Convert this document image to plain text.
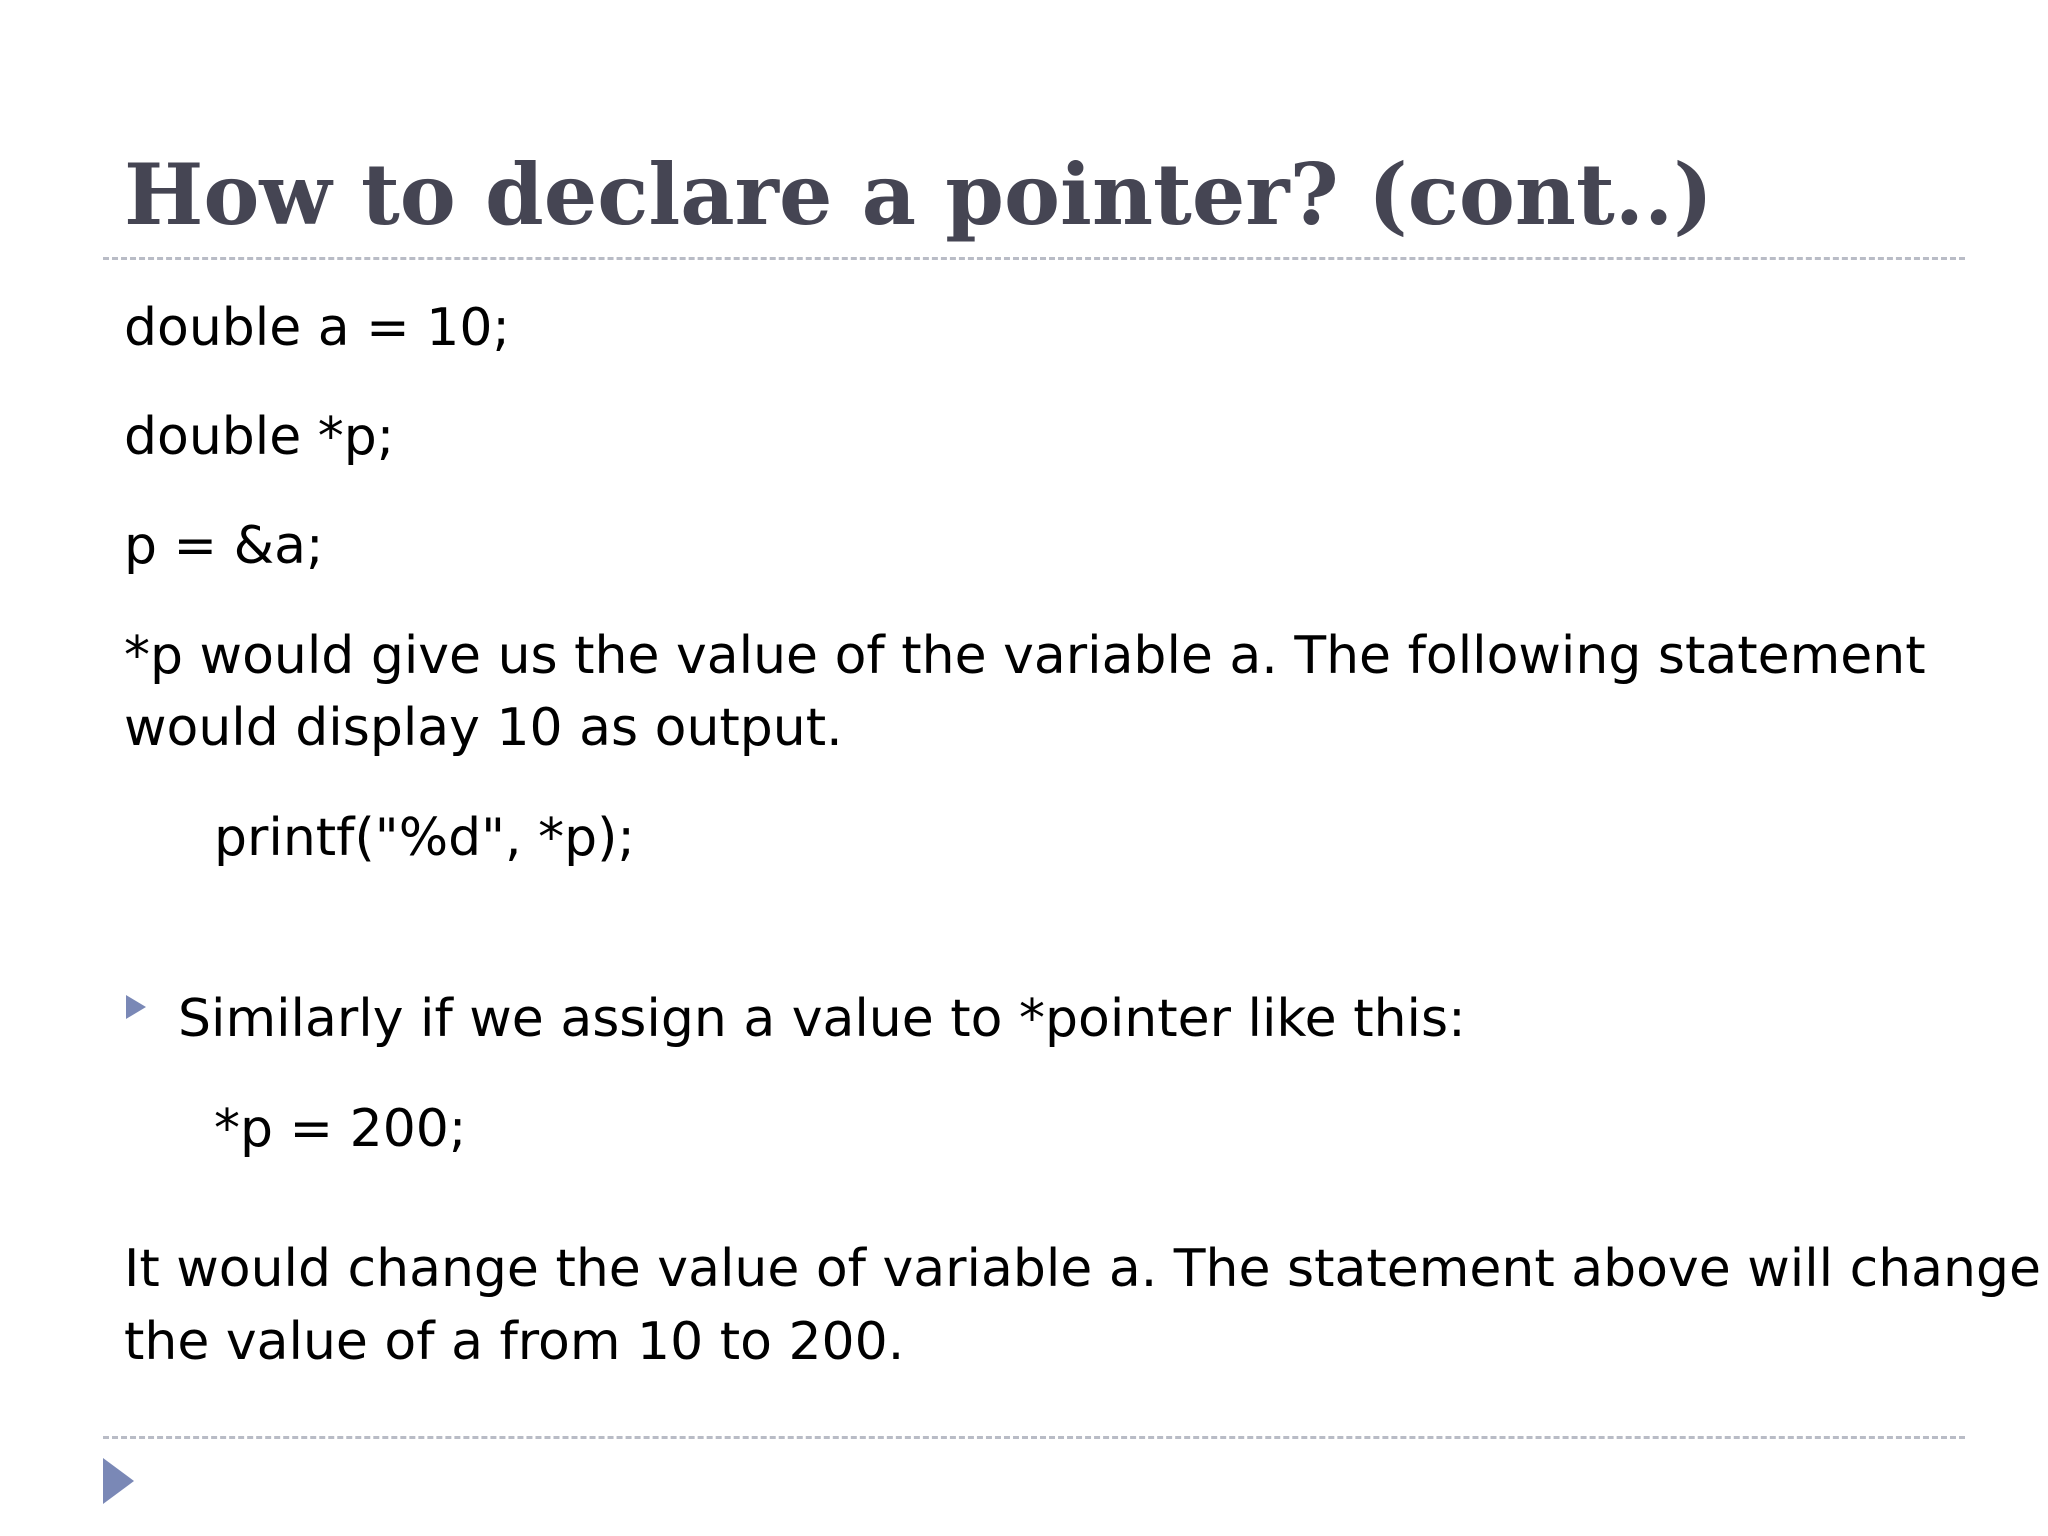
How to declare a pointer? (cont..)

double a = 10;

double *p;

p = &a;

*p would give us the value of the variable a. The following statement

would display 10 as output.

printf("%d", *p);

Similarly if we assign a value to *pointer like this:

*p = 200;

It would change the value of variable a. The statement above will change

the value of a from 10 to 200.
